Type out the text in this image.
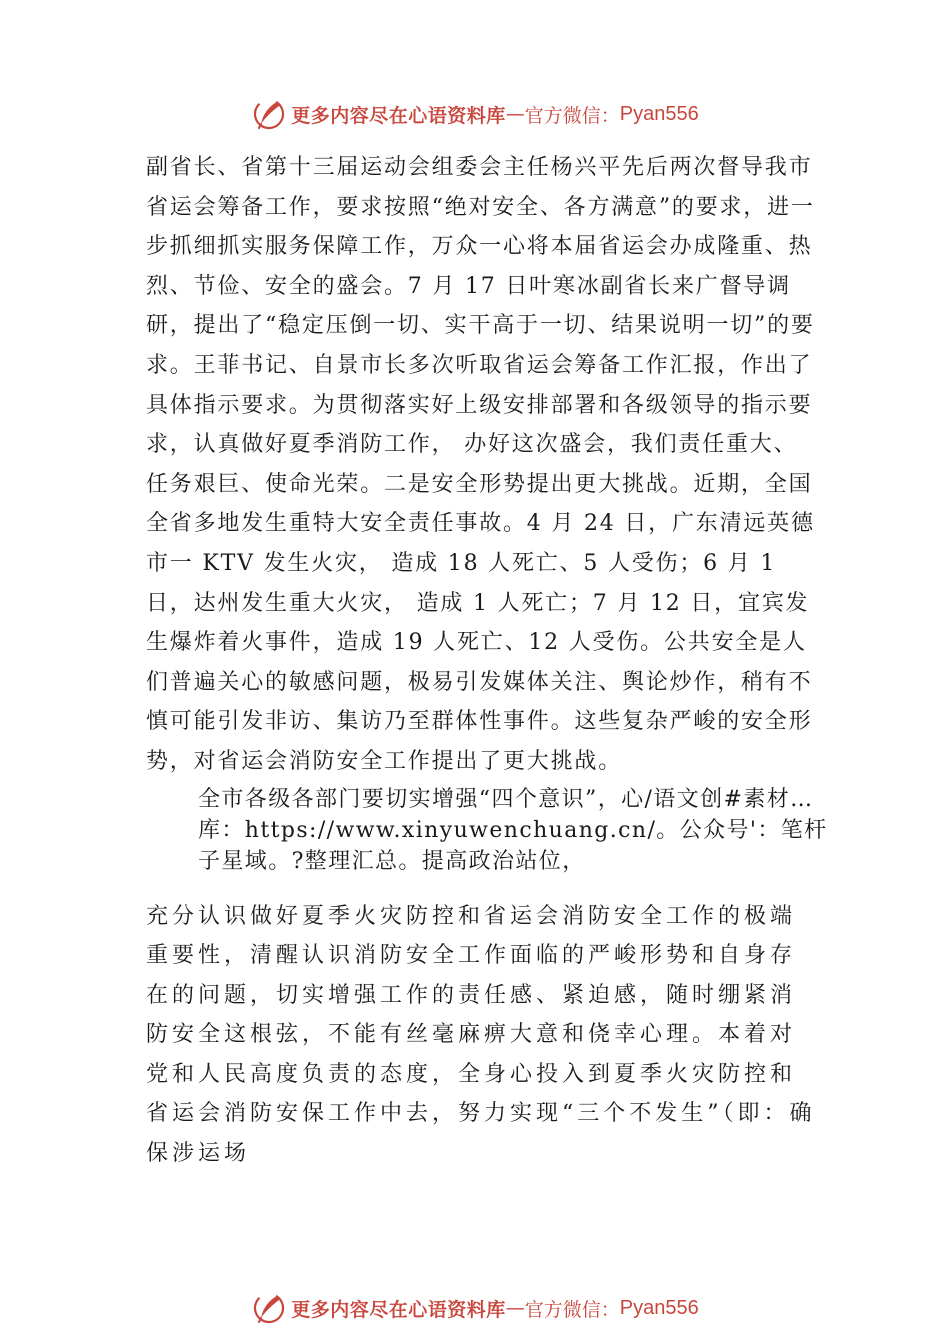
更多内容尽在心语资料库 — 官方微信： Pyan556

副省长、省第十三届运动会组委会主任杨兴平先后两次督导我市省运会筹备工作，要求按照“绝对安全、各方满意”的要求，进一步抓细抓实服务保障工作，万众一心将本届省运会办成隆重、热烈、节俭、安全的盛会。7 月 17 日叶寒冰副省长来广督导调研，提出了“稳定压倒一切、实干高于一切、结果说明一切”的要求。王菲书记、自景市长多次听取省运会筹备工作汇报，作出了具体指示要求。为贯彻落实好上级安排部署和各级领导的指示要求，认真做好夏季消防工作， 办好这次盛会，我们责任重大、任务艰巨、使命光荣。二是安全形势提出更大挑战。近期，全国全省多地发生重特大安全责任事故。4 月 24 日，广东清远英德市一 KTV 发生火灾， 造成 18 人死亡、5 人受伤；6 月 1 日，达州发生重大火灾， 造成 1 人死亡；7 月 12 日，宜宾发生爆炸着火事件，造成 19 人死亡、12 人受伤。公共安全是人们普遍关心的敏感问题，极易引发媒体关注、舆论炒作，稍有不慎可能引发非访、集访乃至群体性事件。这些复杂严峻的安全形势，对省运会消防安全工作提出了更大挑战。

全市各级各部门要切实增强“四个意识”，心/语文创#素材…库：https://www.xinyuwenchuang.cn/。公众号'：笔杆子星域。?整理汇总。提高政治站位，

充分认识做好夏季火灾防控和省运会消防安全工作的极端重要性，清醒认识消防安全工作面临的严峻形势和自身存在的问题，切实增强工作的责任感、紧迫感，随时绷紧消防安全这根弦，不能有丝毫麻痹大意和侥幸心理。本着对党和人民高度负责的态度，全身心投入到夏季火灾防控和省运会消防安保工作中去，努力实现“三个不发生”（即：确保涉运场

更多内容尽在心语资料库 — 官方微信： Pyan556
